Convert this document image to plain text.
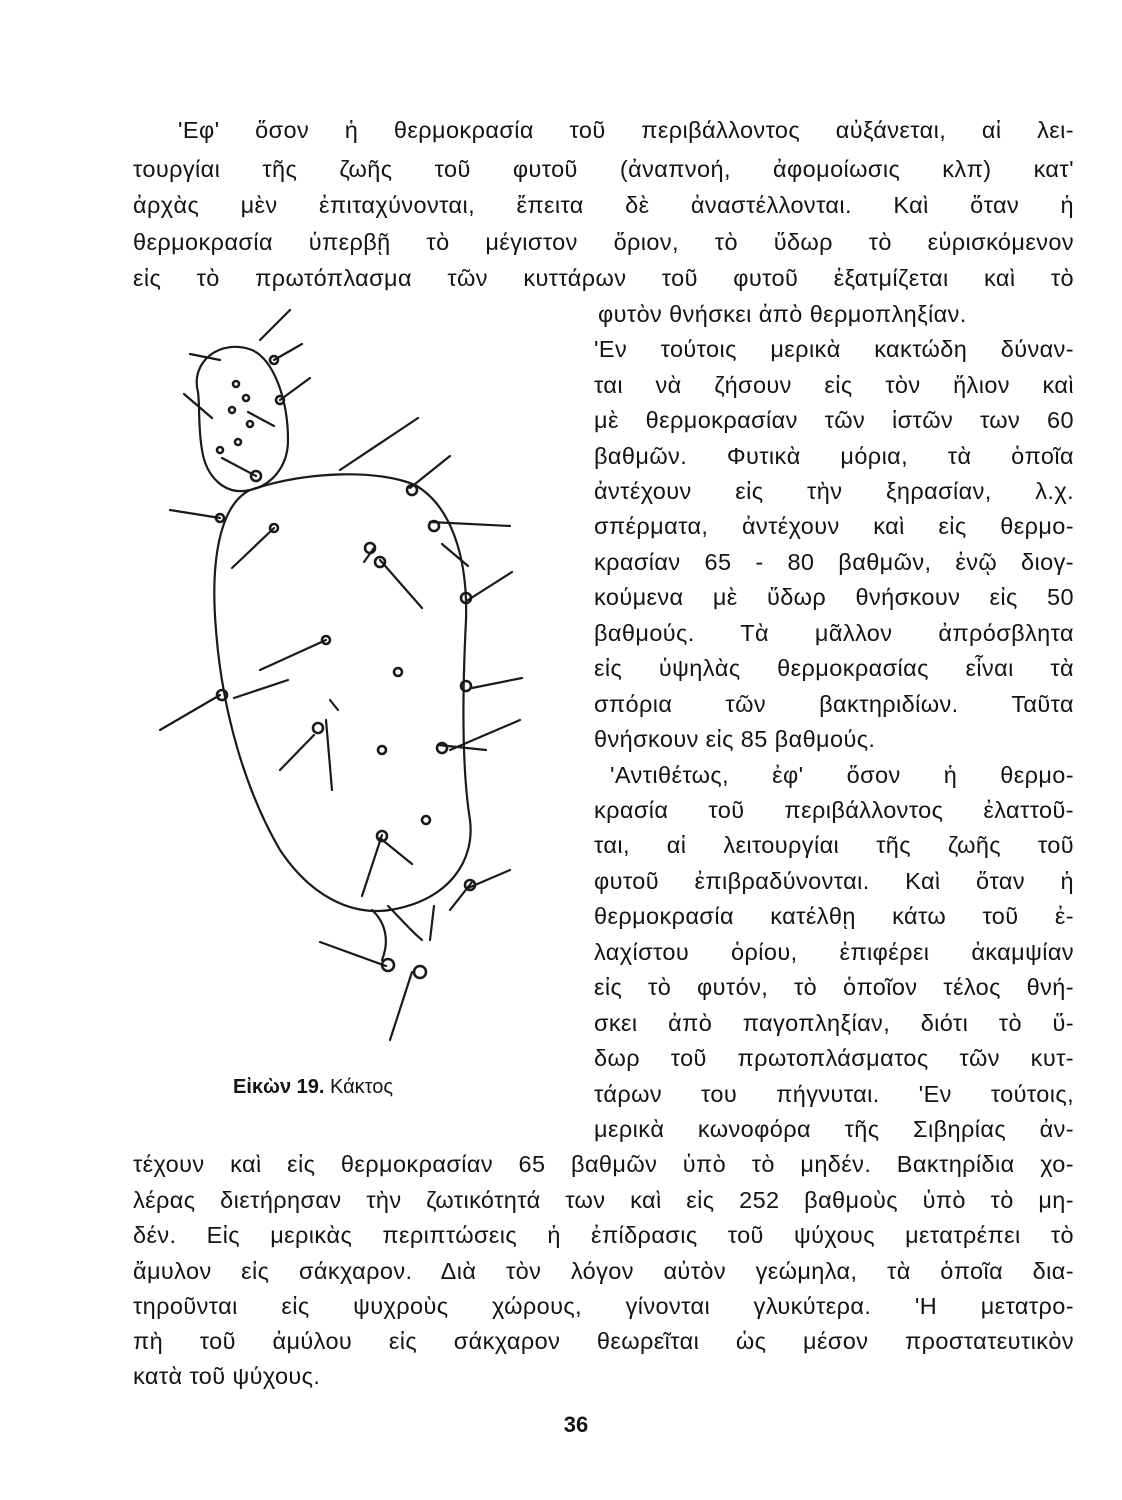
'Εφ' ὅσον ἡ θερμοκρασία τοῦ περιβάλλοντος αὐξάνεται, αἱ λει-
τουργίαι τῆς ζωῆς τοῦ φυτοῦ (ἀναπνοή, ἀφομοίωσις κλπ) κατ'
ἀρχὰς μὲν ἐπιταχύνονται, ἔπειτα δὲ ἀναστέλλονται. Καὶ ὅταν ἡ
θερμοκρασία ὑπερβῇ τὸ μέγιστον ὅριον, τὸ ὕδωρ τὸ εὑρισκόμενον
εἰς τὸ πρωτόπλασμα τῶν κυττάρων τοῦ φυτοῦ ἐξατμίζεται καὶ τὸ
φυτὸν θνήσκει ἀπὸ θερμοπληξίαν.
'Εν τούτοις μερικὰ κακτώδη δύναν-
ται νὰ ζήσουν εἰς τὸν ἥλιον καὶ
μὲ θερμοκρασίαν τῶν ἱστῶν των 60
βαθμῶν. Φυτικὰ μόρια, τὰ ὁποῖα
ἀντέχουν εἰς τὴν ξηρασίαν, λ.χ.
σπέρματα, ἀντέχουν καὶ εἰς θερμο-
κρασίαν 65 - 80 βαθμῶν, ἐνῷ διογ-
κούμενα μὲ ὕδωρ θνήσκουν εἰς 50
βαθμούς. Τὰ μᾶλλον ἀπρόσβλητα
εἰς ὑψηλὰς θερμοκρασίας εἶναι τὰ
σπόρια τῶν βακτηριδίων. Ταῦτα
θνήσκουν εἰς 85 βαθμούς.
'Αντιθέτως, ἐφ' ὅσον ἡ θερμο-
κρασία τοῦ περιβάλλοντος ἐλαττοῦ-
ται, αἱ λειτουργίαι τῆς ζωῆς τοῦ
φυτοῦ ἐπιβραδύνονται. Καὶ ὅταν ἡ
θερμοκρασία κατέλθῃ κάτω τοῦ ἐ-
λαχίστου ὁρίου, ἐπιφέρει ἀκαμψίαν
εἰς τὸ φυτόν, τὸ ὁποῖον τέλος θνή-
σκει ἀπὸ παγοπληξίαν, διότι τὸ ὕ-
δωρ τοῦ πρωτοπλάσματος τῶν κυτ-
τάρων του πήγνυται. 'Εν τούτοις,
μερικὰ κωνοφόρα τῆς Σιβηρίας ἀν-
τέχουν καὶ εἰς θερμοκρασίαν 65 βαθμῶν ὑπὸ τὸ μηδέν. Βακτηρίδια χο-
λέρας διετήρησαν τὴν ζωτικότητά των καὶ εἰς 252 βαθμοὺς ὑπὸ τὸ μη-
δέν. Εἰς μερικὰς περιπτώσεις ἡ ἐπίδρασις τοῦ ψύχους μετατρέπει τὸ
ἄμυλον εἰς σάκχαρον. Διὰ τὸν λόγον αὐτὸν γεώμηλα, τὰ ὁποῖα δια-
τηροῦνται εἰς ψυχροὺς χώρους, γίνονται γλυκύτερα. 'Η μετατρο-
πὴ τοῦ ἀμύλου εἰς σάκχαρον θεωρεῖται ὡς μέσον προστατευτικὸν
κατὰ τοῦ ψύχους.
Εἰκὼν 19. Κάκτος
36
